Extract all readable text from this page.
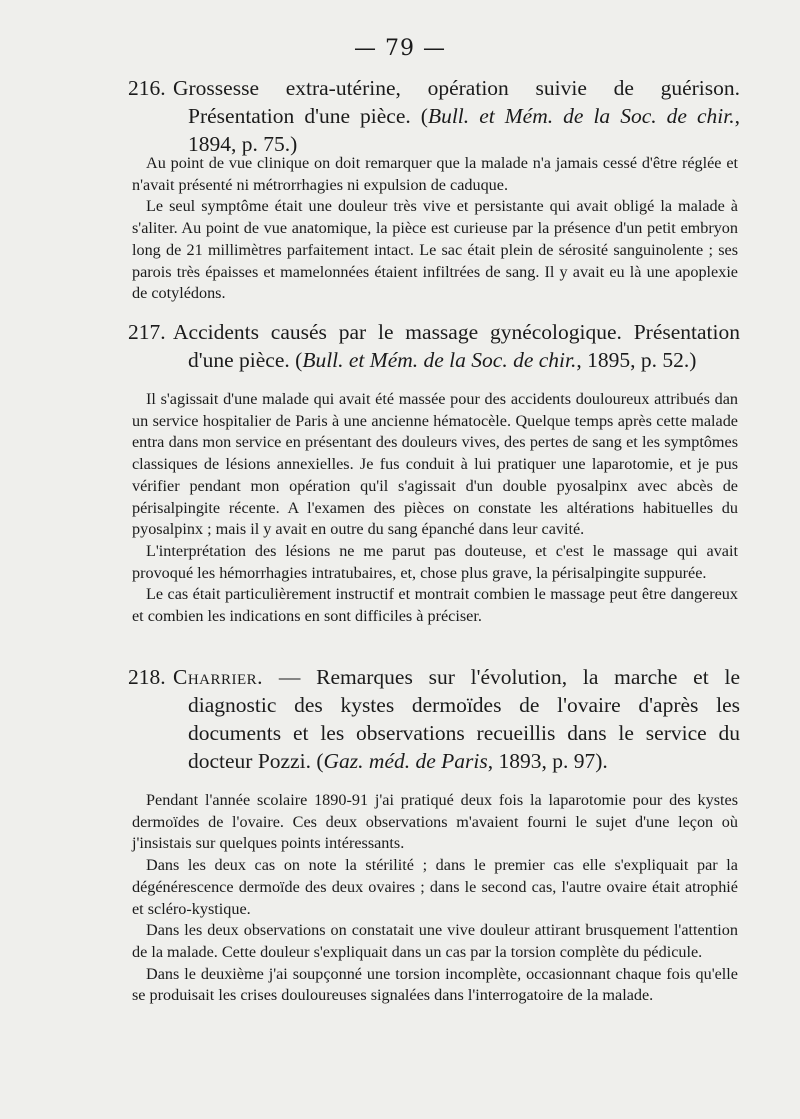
— 79 —
216. Grossesse extra-utérine, opération suivie de guérison. Présentation d'une pièce. (Bull. et Mém. de la Soc. de chir., 1894, p. 75.)

Au point de vue clinique on doit remarquer que la malade n'a jamais cessé d'être réglée et n'avait présenté ni métrorrhagies ni expulsion de caduque.

Le seul symptôme était une douleur très vive et persistante qui avait obligé la malade à s'aliter. Au point de vue anatomique, la pièce est curieuse par la présence d'un petit embryon long de 21 millimètres parfaitement intact. Le sac était plein de sérosité sanguinolente ; ses parois très épaisses et mamelonnées étaient infiltrées de sang. Il y avait eu là une apoplexie de cotylédons.

217. Accidents causés par le massage gynécologique. Présentation d'une pièce. (Bull. et Mém. de la Soc. de chir., 1895, p. 52.)

Il s'agissait d'une malade qui avait été massée pour des accidents douloureux attribués dan un service hospitalier de Paris à une ancienne hématocèle. Quelque temps après cette malade entra dans mon service en présentant des douleurs vives, des pertes de sang et les symptômes classiques de lésions annexielles. Je fus conduit à lui pratiquer une laparotomie, et je pus vérifier pendant mon opération qu'il s'agissait d'un double pyosalpinx avec abcès de périsalpingite récente. A l'examen des pièces on constate les altérations habituelles du pyosalpinx ; mais il y avait en outre du sang épanché dans leur cavité.

L'interprétation des lésions ne me parut pas douteuse, et c'est le massage qui avait provoqué les hémorrhagies intratubaires, et, chose plus grave, la périsalpingite suppurée.

Le cas était particulièrement instructif et montrait combien le massage peut être dangereux et combien les indications en sont difficiles à préciser.

218. Charrier. — Remarques sur l'évolution, la marche et le diagnostic des kystes dermoïdes de l'ovaire d'après les documents et les observations recueillis dans le service du docteur Pozzi. (Gaz. méd. de Paris, 1893, p. 97).

Pendant l'année scolaire 1890-91 j'ai pratiqué deux fois la laparotomie pour des kystes dermoïdes de l'ovaire. Ces deux observations m'avaient fourni le sujet d'une leçon où j'insistais sur quelques points intéressants.

Dans les deux cas on note la stérilité ; dans le premier cas elle s'expliquait par la dégénérescence dermoïde des deux ovaires ; dans le second cas, l'autre ovaire était atrophié et scléro-kystique.

Dans les deux observations on constatait une vive douleur attirant brusquement l'attention de la malade. Cette douleur s'expliquait dans un cas par la torsion complète du pédicule.

Dans le deuxième j'ai soupçonné une torsion incomplète, occasionnant chaque fois qu'elle se produisait les crises douloureuses signalées dans l'interrogatoire de la malade.
